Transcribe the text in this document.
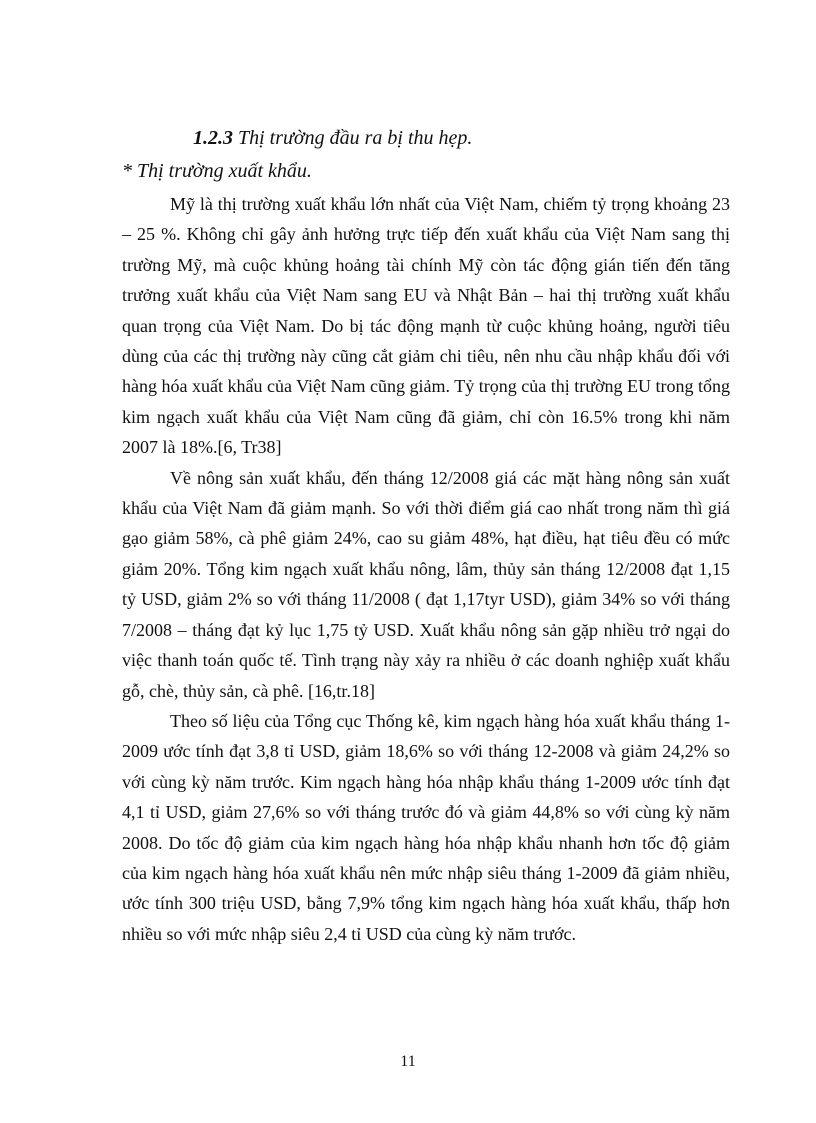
1.2.3 Thị trường đầu ra bị thu hẹp.
* Thị trường xuất khẩu.

Mỹ là thị trường xuất khẩu lớn nhất của Việt Nam, chiếm tỷ trọng khoảng 23 – 25 %. Không chỉ gây ảnh hưởng trực tiếp đến xuất khẩu của Việt Nam sang thị trường Mỹ, mà cuộc khủng hoảng tài chính Mỹ còn tác động gián tiến đến tăng trưởng xuất khẩu của Việt Nam sang EU và Nhật Bản – hai thị trường xuất khẩu quan trọng của Việt Nam. Do bị tác động mạnh từ cuộc khủng hoảng, người tiêu dùng của các thị trường này cũng cắt giảm chi tiêu, nên nhu cầu nhập khẩu đối với hàng hóa xuất khẩu của Việt Nam cũng giảm. Tỷ trọng của thị trường EU trong tổng kim ngạch xuất khẩu của Việt Nam cũng đã giảm, chỉ còn 16.5% trong khi năm 2007 là 18%.[6, Tr38]

Về nông sản xuất khẩu, đến tháng 12/2008 giá các mặt hàng nông sản xuất khẩu của Việt Nam đã giảm mạnh. So với thời điểm giá cao nhất trong năm thì giá gạo giảm 58%, cà phê giảm 24%, cao su giảm 48%, hạt điều, hạt tiêu đều có mức giảm 20%. Tổng kim ngạch xuất khẩu nông, lâm, thủy sản tháng 12/2008 đạt 1,15 tỷ USD, giảm 2% so với tháng 11/2008 ( đạt 1,17tyr USD), giảm 34% so với tháng 7/2008 – tháng đạt kỷ lục 1,75 tỷ USD. Xuất khẩu nông sản gặp nhiều trở ngại do việc thanh toán quốc tế. Tình trạng này xảy ra nhiều ở các doanh nghiệp xuất khẩu gỗ, chè, thủy sản, cà phê. [16,tr.18]

Theo số liệu của Tổng cục Thống kê, kim ngạch hàng hóa xuất khẩu tháng 1-2009 ước tính đạt 3,8 tỉ USD, giảm 18,6% so với tháng 12-2008 và giảm 24,2% so với cùng kỳ năm trước. Kim ngạch hàng hóa nhập khẩu tháng 1-2009 ước tính đạt 4,1 tỉ USD, giảm 27,6% so với tháng trước đó và giảm 44,8% so với cùng kỳ năm 2008. Do tốc độ giảm của kim ngạch hàng hóa nhập khẩu nhanh hơn tốc độ giảm của kim ngạch hàng hóa xuất khẩu nên mức nhập siêu tháng 1-2009 đã giảm nhiều, ước tính 300 triệu USD, bằng 7,9% tổng kim ngạch hàng hóa xuất khẩu, thấp hơn nhiều so với mức nhập siêu 2,4 tỉ USD của cùng kỳ năm trước.

11
